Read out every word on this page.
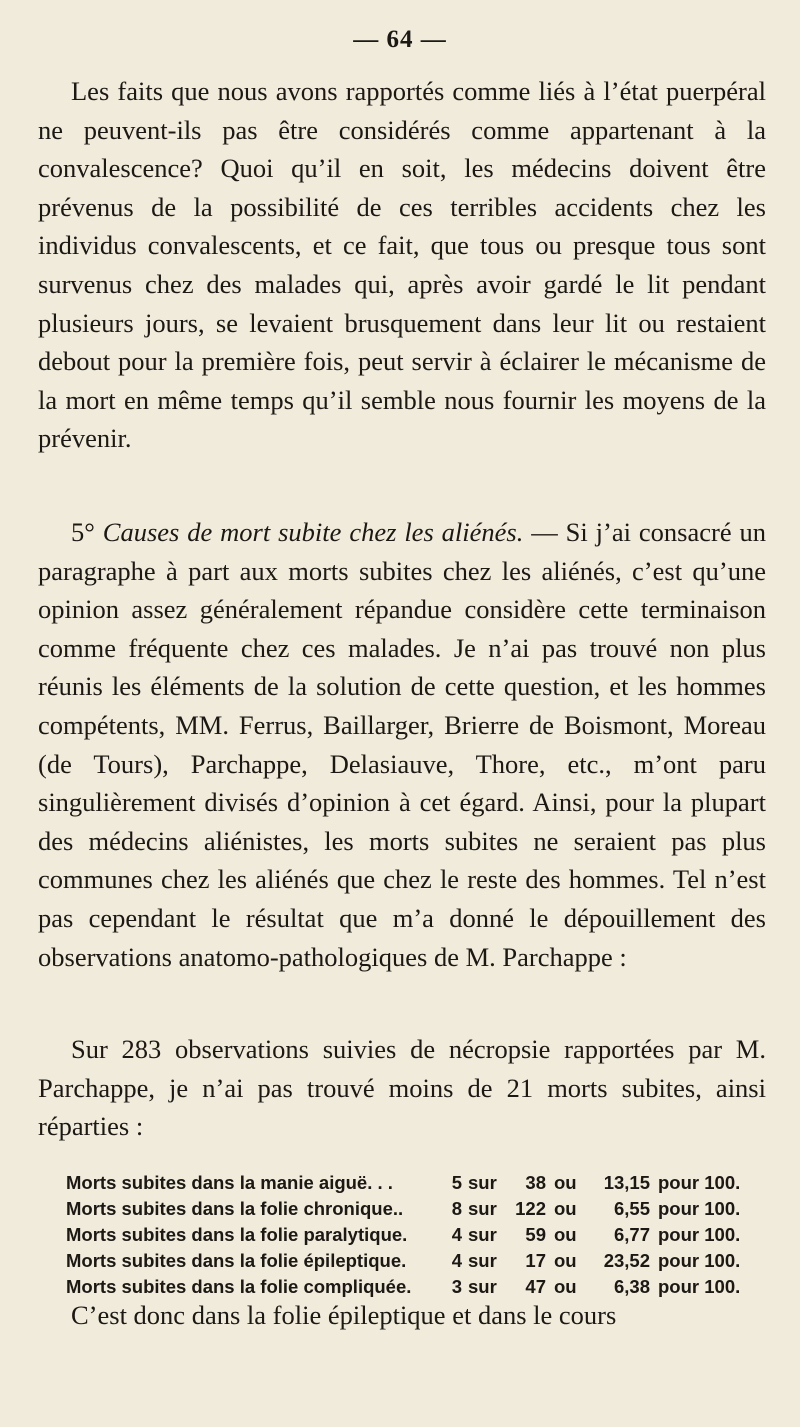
— 64 —

Les faits que nous avons rapportés comme liés à l’état puerpéral ne peuvent-ils pas être considérés comme appartenant à la convalescence? Quoi qu’il en soit, les médecins doivent être prévenus de la possibilité de ces terribles accidents chez les individus convalescents, et ce fait, que tous ou presque tous sont survenus chez des malades qui, après avoir gardé le lit pendant plusieurs jours, se levaient brusquement dans leur lit ou restaient debout pour la première fois, peut servir à éclairer le mécanisme de la mort en même temps qu’il semble nous fournir les moyens de la prévenir.

5° Causes de mort subite chez les aliénés. — Si j’ai consacré un paragraphe à part aux morts subites chez les aliénés, c’est qu’une opinion assez généralement répandue considère cette terminaison comme fréquente chez ces malades. Je n’ai pas trouvé non plus réunis les éléments de la solution de cette question, et les hommes compétents, MM. Ferrus, Baillarger, Brierre de Boismont, Moreau (de Tours), Parchappe, Delasiauve, Thore, etc., m’ont paru singulièrement divisés d’opinion à cet égard. Ainsi, pour la plupart des médecins aliénistes, les morts subites ne seraient pas plus communes chez les aliénés que chez le reste des hommes. Tel n’est pas cependant le résultat que m’a donné le dépouillement des observations anatomo-pathologiques de M. Parchappe :

Sur 283 observations suivies de nécropsie rapportées par M. Parchappe, je n’ai pas trouvé moins de 21 morts subites, ainsi réparties :

Morts subites dans la manie aiguë. . .	5	sur	38	ou	13,15	pour 100.
Morts subites dans la folie chronique..	8	sur	122	ou	6,55	pour 100.
Morts subites dans la folie paralytique.	4	sur	59	ou	6,77	pour 100.
Morts subites dans la folie épileptique.	4	sur	17	ou	23,52	pour 100.
Morts subites dans la folie compliquée.	3	sur	47	ou	6,38	pour 100.

C’est donc dans la folie épileptique et dans le cours
